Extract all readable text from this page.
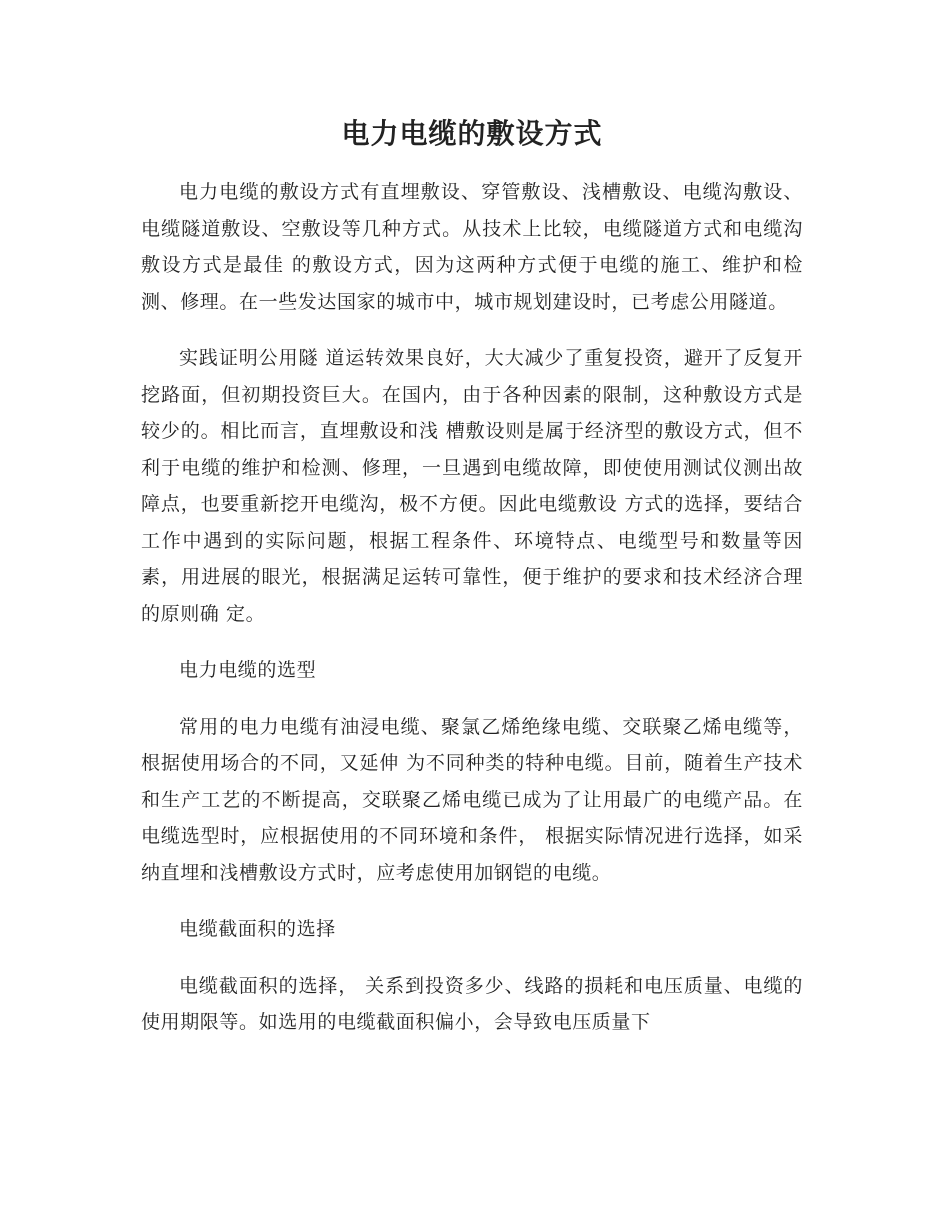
电力电缆的敷设方式

电力电缆的敷设方式有直埋敷设、穿管敷设、浅槽敷设、电缆沟敷设、电缆隧道敷设、空敷设等几种方式。从技术上比较，电缆隧道方式和电缆沟敷设方式是最佳 的敷设方式，因为这两种方式便于电缆的施工、维护和检测、修理。在一些发达国家的城市中，城市规划建设时，已考虑公用隧道。

实践证明公用隧 道运转效果良好，大大减少了重复投资，避开了反复开挖路面，但初期投资巨大。在国内，由于各种因素的限制，这种敷设方式是较少的。相比而言，直埋敷设和浅 槽敷设则是属于经济型的敷设方式，但不利于电缆的维护和检测、修理，一旦遇到电缆故障，即使使用测试仪测出故障点，也要重新挖开电缆沟，极不方便。因此电缆敷设 方式的选择，要结合工作中遇到的实际问题，根据工程条件、环境特点、电缆型号和数量等因素，用进展的眼光，根据满足运转可靠性，便于维护的要求和技术经济合理的原则确 定。

电力电缆的选型

常用的电力电缆有油浸电缆、聚氯乙烯绝缘电缆、交联聚乙烯电缆等，根据使用场合的不同，又延伸 为不同种类的特种电缆。目前，随着生产技术和生产工艺的不断提高，交联聚乙烯电缆已成为了让用最广的电缆产品。在电缆选型时，应根据使用的不同环境和条件， 根据实际情况进行选择，如采纳直埋和浅槽敷设方式时，应考虑使用加钢铠的电缆。

电缆截面积的选择

电缆截面积的选择， 关系到投资多少、线路的损耗和电压质量、电缆的使用期限等。如选用的电缆截面积偏小，会导致电压质量下
